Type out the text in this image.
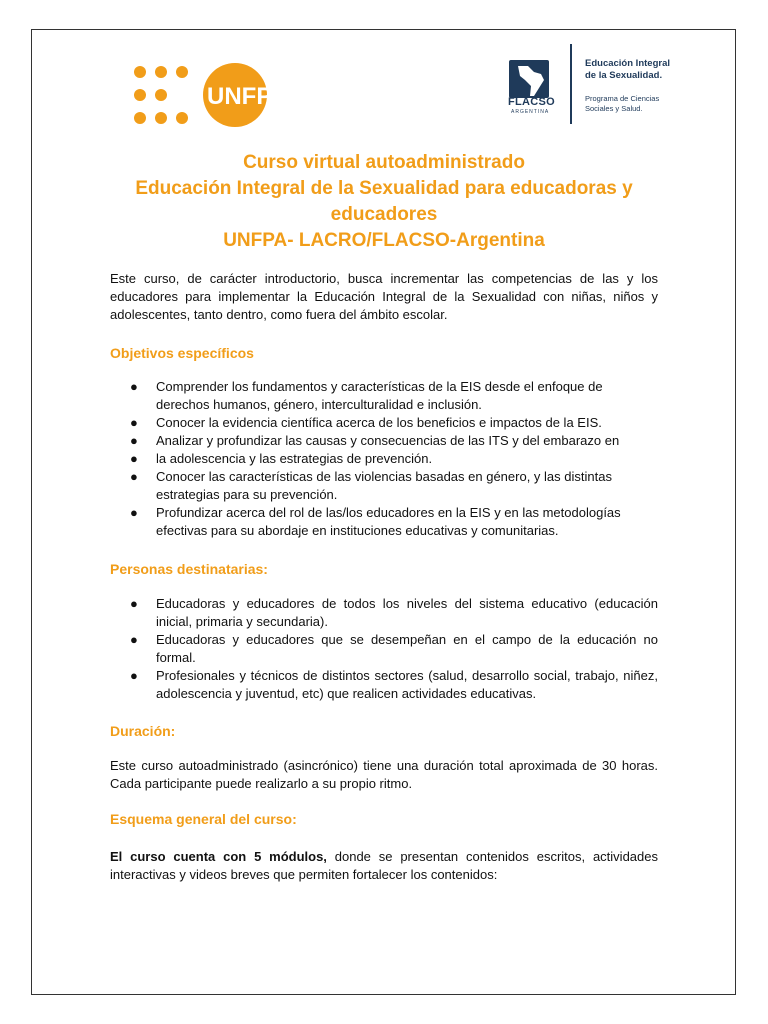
UNFPA	FLACSO
ARGENTINA
Educación Integral
de la Sexualidad.
Programa de Ciencias
Sociales y Salud.
Curso virtual autoadministrado
Educación Integral de la Sexualidad para educadoras y
educadores
UNFPA- LACRO/FLACSO-Argentina

Este curso, de carácter introductorio, busca incrementar las competencias de las y los educadores para implementar la Educación Integral de la Sexualidad con niñas, niños y adolescentes, tanto dentro, como fuera del ámbito escolar.

Objetivos específicos

● Comprender los fundamentos y características de la EIS desde el enfoque de derechos humanos, género, interculturalidad e inclusión.
● Conocer la evidencia científica acerca de los beneficios e impactos de la EIS.
● Analizar y profundizar las causas y consecuencias de las ITS y del embarazo en
● la adolescencia y las estrategias de prevención.
● Conocer las características de las violencias basadas en género, y las distintas estrategias para su prevención.
● Profundizar acerca del rol de las/los educadores en la EIS y en las metodologías efectivas para su abordaje en instituciones educativas y comunitarias.

Personas destinatarias:

● Educadoras y educadores de todos los niveles del sistema educativo (educación inicial, primaria y secundaria).
● Educadoras y educadores que se desempeñan en el campo de la educación no formal.
● Profesionales y técnicos de distintos sectores (salud, desarrollo social, trabajo, niñez, adolescencia y juventud, etc) que realicen actividades educativas.

Duración:

Este curso autoadministrado (asincrónico) tiene una duración total aproximada de 30 horas. Cada participante puede realizarlo a su propio ritmo.

Esquema general del curso:

El curso cuenta con 5 módulos, donde se presentan contenidos escritos, actividades interactivas y videos breves que permiten fortalecer los contenidos:
